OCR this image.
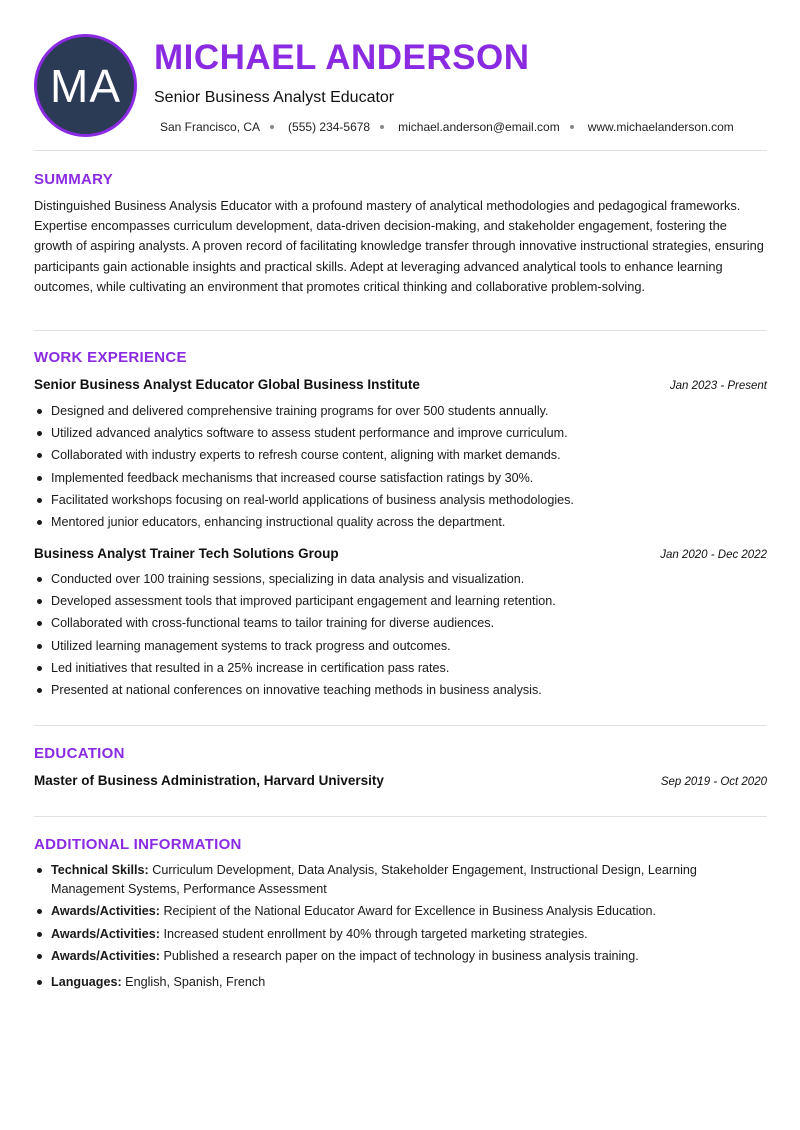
MA
MICHAEL ANDERSON
Senior Business Analyst Educator
San Francisco, CA (555) 234-5678 michael.anderson@email.com www.michaelanderson.com
SUMMARY
Distinguished Business Analysis Educator with a profound mastery of analytical methodologies and pedagogical frameworks. Expertise encompasses curriculum development, data-driven decision-making, and stakeholder engagement, fostering the growth of aspiring analysts. A proven record of facilitating knowledge transfer through innovative instructional strategies, ensuring participants gain actionable insights and practical skills. Adept at leveraging advanced analytical tools to enhance learning outcomes, while cultivating an environment that promotes critical thinking and collaborative problem-solving.
WORK EXPERIENCE
Senior Business Analyst Educator Global Business Institute	Jan 2023 - Present
Designed and delivered comprehensive training programs for over 500 students annually.
Utilized advanced analytics software to assess student performance and improve curriculum.
Collaborated with industry experts to refresh course content, aligning with market demands.
Implemented feedback mechanisms that increased course satisfaction ratings by 30%.
Facilitated workshops focusing on real-world applications of business analysis methodologies.
Mentored junior educators, enhancing instructional quality across the department.
Business Analyst Trainer Tech Solutions Group	Jan 2020 - Dec 2022
Conducted over 100 training sessions, specializing in data analysis and visualization.
Developed assessment tools that improved participant engagement and learning retention.
Collaborated with cross-functional teams to tailor training for diverse audiences.
Utilized learning management systems to track progress and outcomes.
Led initiatives that resulted in a 25% increase in certification pass rates.
Presented at national conferences on innovative teaching methods in business analysis.
EDUCATION
Master of Business Administration, Harvard University	Sep 2019 - Oct 2020
ADDITIONAL INFORMATION
Technical Skills: Curriculum Development, Data Analysis, Stakeholder Engagement, Instructional Design, Learning Management Systems, Performance Assessment
Awards/Activities: Recipient of the National Educator Award for Excellence in Business Analysis Education.
Awards/Activities: Increased student enrollment by 40% through targeted marketing strategies.
Awards/Activities: Published a research paper on the impact of technology in business analysis training.
Languages: English, Spanish, French
